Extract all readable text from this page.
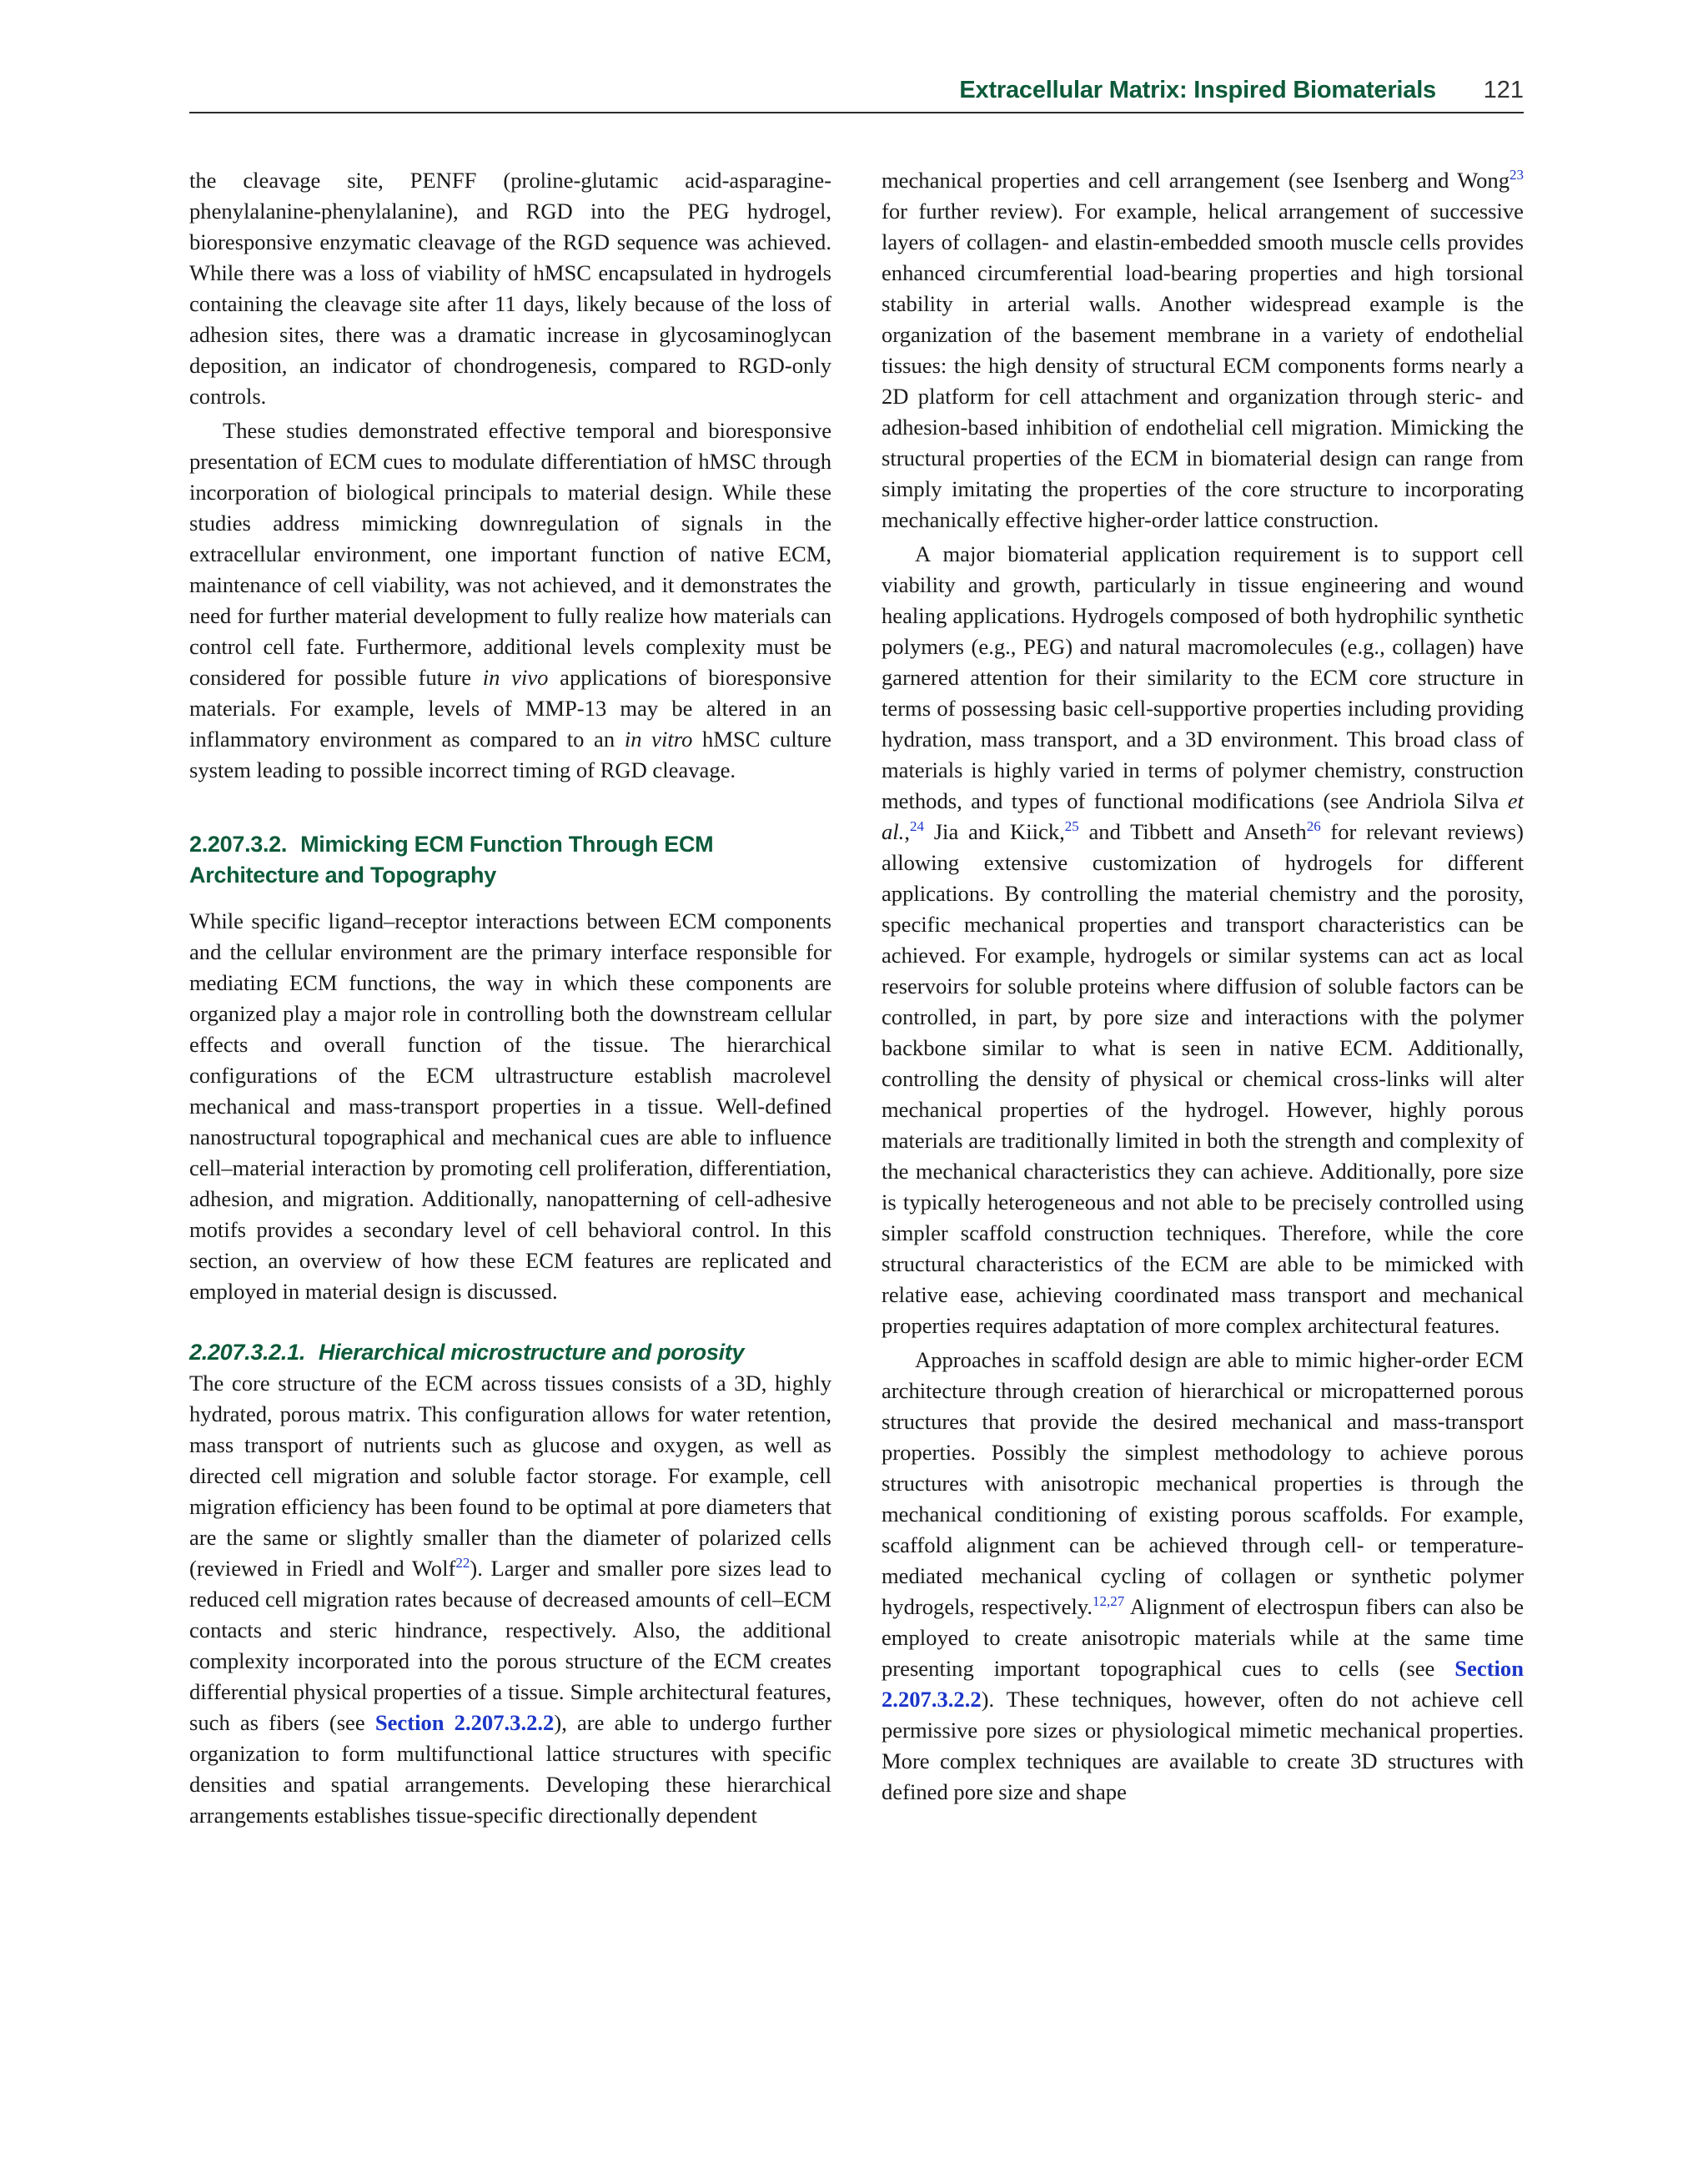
Extracellular Matrix: Inspired Biomaterials 121

the cleavage site, PENFF (proline-glutamic acid-asparagine-phenylalanine-phenylalanine), and RGD into the PEG hydrogel, bioresponsive enzymatic cleavage of the RGD sequence was achieved. While there was a loss of viability of hMSC encapsulated in hydrogels containing the cleavage site after 11 days, likely because of the loss of adhesion sites, there was a dramatic increase in glycosaminoglycan deposition, an indicator of chondrogenesis, compared to RGD-only controls.

These studies demonstrated effective temporal and bioresponsive presentation of ECM cues to modulate differentiation of hMSC through incorporation of biological principals to material design. While these studies address mimicking downregulation of signals in the extracellular environment, one important function of native ECM, maintenance of cell viability, was not achieved, and it demonstrates the need for further material development to fully realize how materials can control cell fate. Furthermore, additional levels complexity must be considered for possible future in vivo applications of bioresponsive materials. For example, levels of MMP-13 may be altered in an inflammatory environment as compared to an in vitro hMSC culture system leading to possible incorrect timing of RGD cleavage.

2.207.3.2. Mimicking ECM Function Through ECM Architecture and Topography

While specific ligand–receptor interactions between ECM components and the cellular environment are the primary interface responsible for mediating ECM functions, the way in which these components are organized play a major role in controlling both the downstream cellular effects and overall function of the tissue. The hierarchical configurations of the ECM ultrastructure establish macrolevel mechanical and mass-transport properties in a tissue. Well-defined nanostructural topographical and mechanical cues are able to influence cell–material interaction by promoting cell proliferation, differentiation, adhesion, and migration. Additionally, nanopatterning of cell-adhesive motifs provides a secondary level of cell behavioral control. In this section, an overview of how these ECM features are replicated and employed in material design is discussed.

2.207.3.2.1. Hierarchical microstructure and porosity

The core structure of the ECM across tissues consists of a 3D, highly hydrated, porous matrix. This configuration allows for water retention, mass transport of nutrients such as glucose and oxygen, as well as directed cell migration and soluble factor storage. For example, cell migration efficiency has been found to be optimal at pore diameters that are the same or slightly smaller than the diameter of polarized cells (reviewed in Friedl and Wolf$^{22}$). Larger and smaller pore sizes lead to reduced cell migration rates because of decreased amounts of cell–ECM contacts and steric hindrance, respectively. Also, the additional complexity incorporated into the porous structure of the ECM creates differential physical properties of a tissue. Simple architectural features, such as fibers (see Section 2.207.3.2.2), are able to undergo further organization to form multifunctional lattice structures with specific densities and spatial arrangements. Developing these hierarchical arrangements establishes tissue-specific directionally dependent

mechanical properties and cell arrangement (see Isenberg and Wong$^{23}$ for further review). For example, helical arrangement of successive layers of collagen- and elastin-embedded smooth muscle cells provides enhanced circumferential load-bearing properties and high torsional stability in arterial walls. Another widespread example is the organization of the basement membrane in a variety of endothelial tissues: the high density of structural ECM components forms nearly a 2D platform for cell attachment and organization through steric- and adhesion-based inhibition of endothelial cell migration. Mimicking the structural properties of the ECM in biomaterial design can range from simply imitating the properties of the core structure to incorporating mechanically effective higher-order lattice construction.

A major biomaterial application requirement is to support cell viability and growth, particularly in tissue engineering and wound healing applications. Hydrogels composed of both hydrophilic synthetic polymers (e.g., PEG) and natural macromolecules (e.g., collagen) have garnered attention for their similarity to the ECM core structure in terms of possessing basic cell-supportive properties including providing hydration, mass transport, and a 3D environment. This broad class of materials is highly varied in terms of polymer chemistry, construction methods, and types of functional modifications (see Andriola Silva et al.,$^{24}$ Jia and Kiick,$^{25}$ and Tibbett and Anseth$^{26}$ for relevant reviews) allowing extensive customization of hydrogels for different applications. By controlling the material chemistry and the porosity, specific mechanical properties and transport characteristics can be achieved. For example, hydrogels or similar systems can act as local reservoirs for soluble proteins where diffusion of soluble factors can be controlled, in part, by pore size and interactions with the polymer backbone similar to what is seen in native ECM. Additionally, controlling the density of physical or chemical cross-links will alter mechanical properties of the hydrogel. However, highly porous materials are traditionally limited in both the strength and complexity of the mechanical characteristics they can achieve. Additionally, pore size is typically heterogeneous and not able to be precisely controlled using simpler scaffold construction techniques. Therefore, while the core structural characteristics of the ECM are able to be mimicked with relative ease, achieving coordinated mass transport and mechanical properties requires adaptation of more complex architectural features.

Approaches in scaffold design are able to mimic higher-order ECM architecture through creation of hierarchical or micropatterned porous structures that provide the desired mechanical and mass-transport properties. Possibly the simplest methodology to achieve porous structures with anisotropic mechanical properties is through the mechanical conditioning of existing porous scaffolds. For example, scaffold alignment can be achieved through cell- or temperature-mediated mechanical cycling of collagen or synthetic polymer hydrogels, respectively.$^{12,27}$ Alignment of electrospun fibers can also be employed to create anisotropic materials while at the same time presenting important topographical cues to cells (see Section 2.207.3.2.2). These techniques, however, often do not achieve cell permissive pore sizes or physiological mimetic mechanical properties. More complex techniques are available to create 3D structures with defined pore size and shape
